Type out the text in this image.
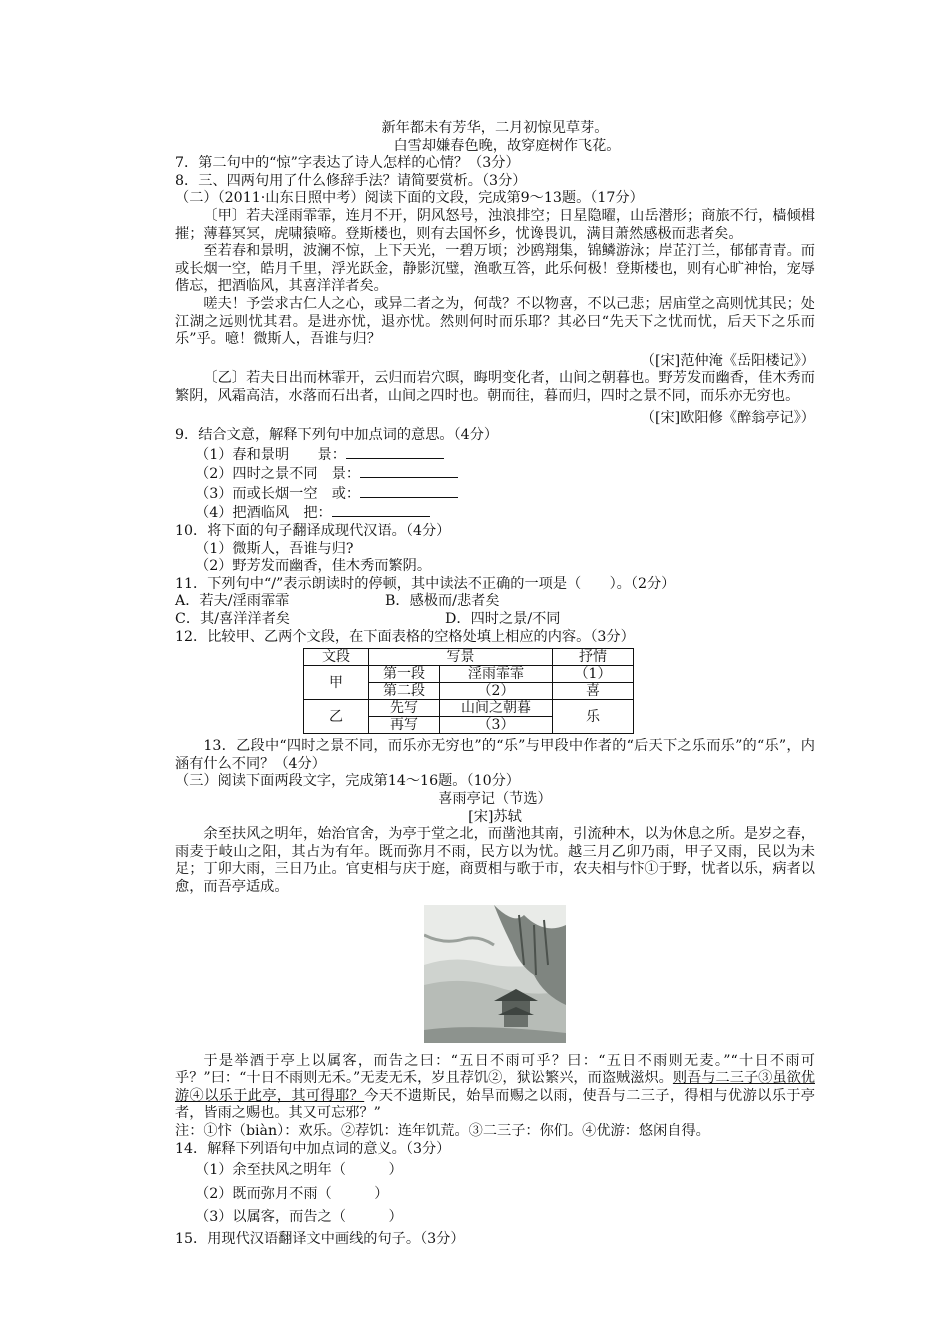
新年都未有芳华，二月初惊见草芽。
白雪却嫌春色晚，故穿庭树作飞花。
7．第二句中的“惊”字表达了诗人怎样的心情？（3分）
8．三、四两句用了什么修辞手法？请简要赏析。（3分）
（二）（2011·山东日照中考）阅读下面的文段，完成第9～13题。（17分）
〔甲〕若夫淫雨霏霏，连月不开，阴风怒号，浊浪排空；日星隐曜，山岳潜形；商旅不行，樯倾楫摧；薄暮冥冥，虎啸猿啼。登斯楼也，则有去国怀乡，忧谗畏讥，满目萧然感极而悲者矣。
至若春和景明，波澜不惊，上下天光，一碧万顷；沙鸥翔集，锦鳞游泳；岸芷汀兰，郁郁青青。而或长烟一空，皓月千里，浮光跃金，静影沉璧，渔歌互答，此乐何极！登斯楼也，则有心旷神怡，宠辱偕忘，把酒临风，其喜洋洋者矣。
嗟夫！予尝求古仁人之心，或异二者之为，何哉？不以物喜，不以己悲；居庙堂之高则忧其民；处江湖之远则忧其君。是进亦忧，退亦忧。然则何时而乐耶？其必曰“先天下之忧而忧，后天下之乐而乐”乎。噫！微斯人，吾谁与归？
（[宋]范仲淹《岳阳楼记》）
〔乙〕若夫日出而林霏开，云归而岩穴暝，晦明变化者，山间之朝暮也。野芳发而幽香，佳木秀而繁阴，风霜高洁，水落而石出者，山间之四时也。朝而往，暮而归，四时之景不同，而乐亦无穷也。
（[宋]欧阳修《醉翁亭记》）
9．结合文意，解释下列句中加点词的意思。（4分）
（1）春和景明　　景：
（2）四时之景不同　景：
（3）而或长烟一空　或：
（4）把酒临风　把：
10．将下面的句子翻译成现代汉语。（4分）
（1）微斯人，吾谁与归?
（2）野芳发而幽香，佳木秀而繁阴。
11．下列句中“/”表示朗读时的停顿，其中读法不正确的一项是（　　）。（2分）
A．若夫/淫雨霏霏	B．感极而/悲者矣
C．其/喜洋洋者矣	D．四时之景/不同
12．比较甲、乙两个文段，在下面表格的空格处填上相应的内容。（3分）
文段	写景		抒情
甲	第一段	淫雨霏霏	（1）
	第二段	（2）	喜
乙	先写	山间之朝暮	乐
	再写	（3）	
13．乙段中“四时之景不同，而乐亦无穷也”的“乐”与甲段中作者的“后天下之乐而乐”的“乐”，内涵有什么不同？（4分）
（三）阅读下面两段文字，完成第14～16题。（10分）
喜雨亭记（节选）
[宋]苏轼
余至扶风之明年，始治官舍，为亭于堂之北，而凿池其南，引流种木，以为休息之所。是岁之春，雨麦于岐山之阳，其占为有年。既而弥月不雨，民方以为忧。越三月乙卯乃雨，甲子又雨，民以为未足；丁卯大雨，三日乃止。官吏相与庆于庭，商贾相与歌于市，农夫相与忭①于野，忧者以乐，病者以愈，而吾亭适成。
于是举酒于亭上以属客，而告之曰：“五日不雨可乎？曰：“五日不雨则无麦。”“十日不雨可乎？”曰：“十日不雨则无禾。”无麦无禾，岁且荐饥②，狱讼繁兴，而盗贼滋炽。则吾与二三子③虽欲优游④以乐于此亭，其可得耶？今天不遗斯民，始旱而赐之以雨，使吾与二三子，得相与优游以乐于亭者，皆雨之赐也。其又可忘邪？”
注：①忭（biàn）：欢乐。②荐饥：连年饥荒。③二三子：你们。④优游：悠闲自得。
14．解释下列语句中加点词的意义。（3分）
（1）余至扶风之明年（　　　）
（2）既而弥月不雨（　　　）
（3）以属客，而告之（　　　）
15．用现代汉语翻译文中画线的句子。（3分）
